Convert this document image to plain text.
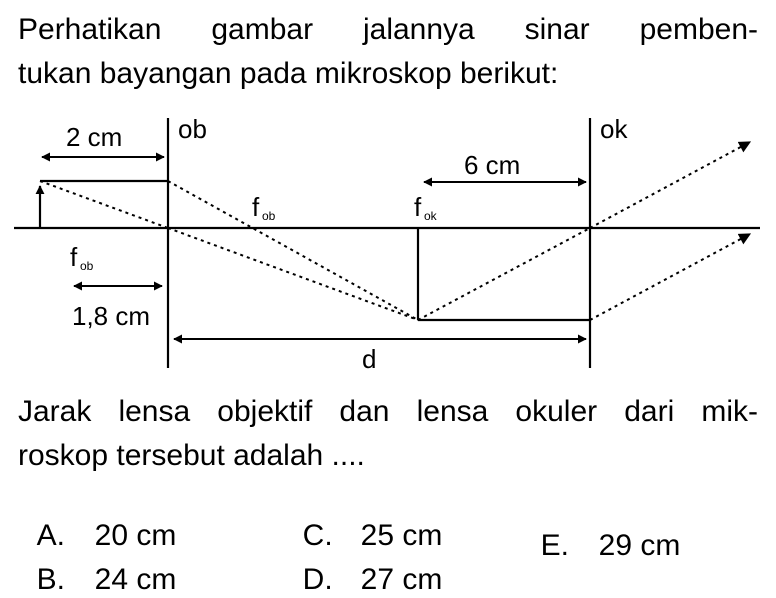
Perhatikan gambar jalannya sinar pemben-

tukan bayangan pada mikroskop berikut:

ob	ok
2 cm
6 cm
1,8 cm
d
f ob
f ob	f ok

Jarak lensa objektif dan lensa okuler dari mik-

roskop tersebut adalah ....

A. 20 cm

B. 24 cm

C. 25 cm

D. 27 cm

E. 29 cm
